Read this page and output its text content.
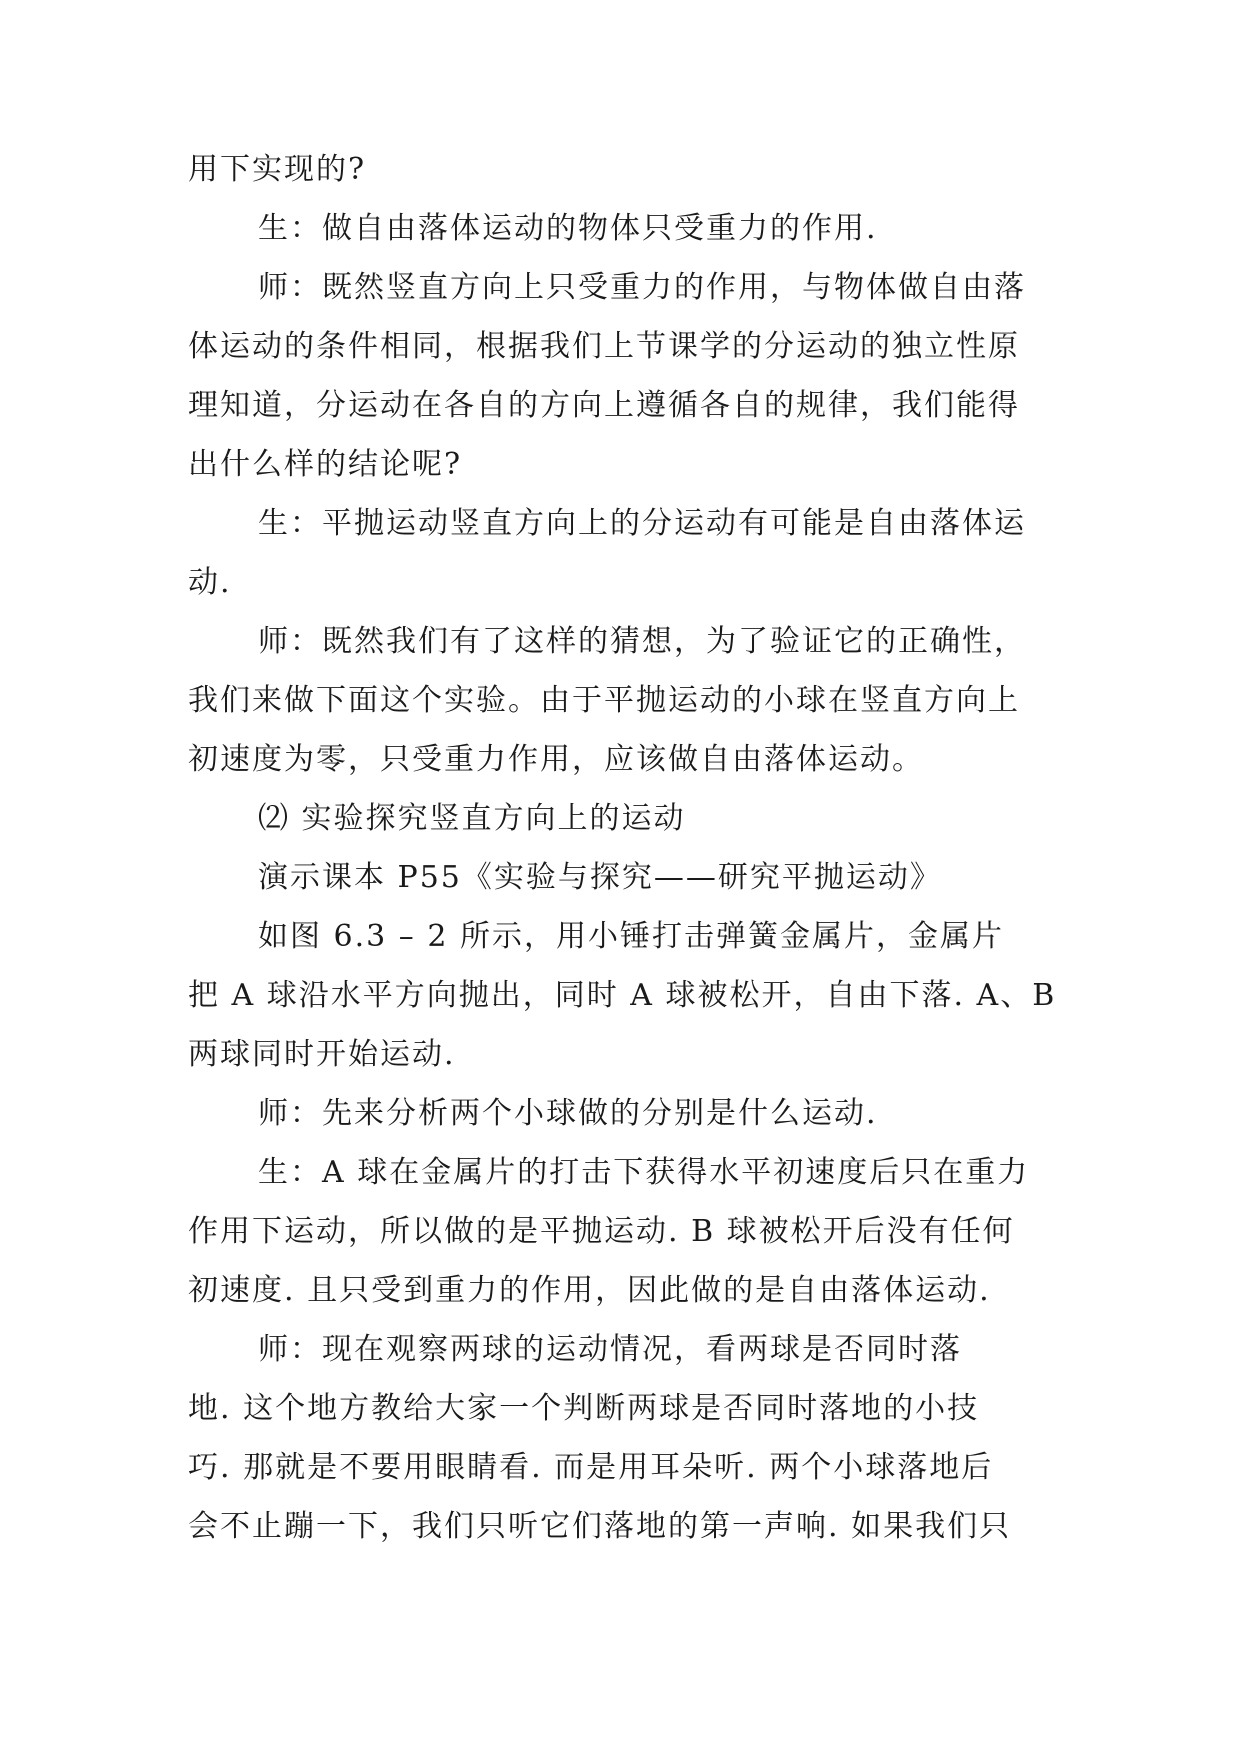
用下实现的?
生：做自由落体运动的物体只受重力的作用.
师：既然竖直方向上只受重力的作用，与物体做自由落
体运动的条件相同，根据我们上节课学的分运动的独立性原
理知道，分运动在各自的方向上遵循各自的规律，我们能得
出什么样的结论呢?
生：平抛运动竖直方向上的分运动有可能是自由落体运
动.
师：既然我们有了这样的猜想，为了验证它的正确性，
我们来做下面这个实验。由于平抛运动的小球在竖直方向上
初速度为零，只受重力作用，应该做自由落体运动。
⑵ 实验探究竖直方向上的运动
演示课本 P55《实验与探究——研究平抛运动》
如图 6.3 – 2 所示，用小锤打击弹簧金属片，金属片
把 A 球沿水平方向抛出，同时 A 球被松开，自由下落. A、B
两球同时开始运动.
师：先来分析两个小球做的分别是什么运动.
生：A 球在金属片的打击下获得水平初速度后只在重力
作用下运动，所以做的是平抛运动. B 球被松开后没有任何
初速度. 且只受到重力的作用，因此做的是自由落体运动.
师：现在观察两球的运动情况，看两球是否同时落
地. 这个地方教给大家一个判断两球是否同时落地的小技
巧. 那就是不要用眼睛看. 而是用耳朵听. 两个小球落地后
会不止蹦一下，我们只听它们落地的第一声响. 如果我们只
